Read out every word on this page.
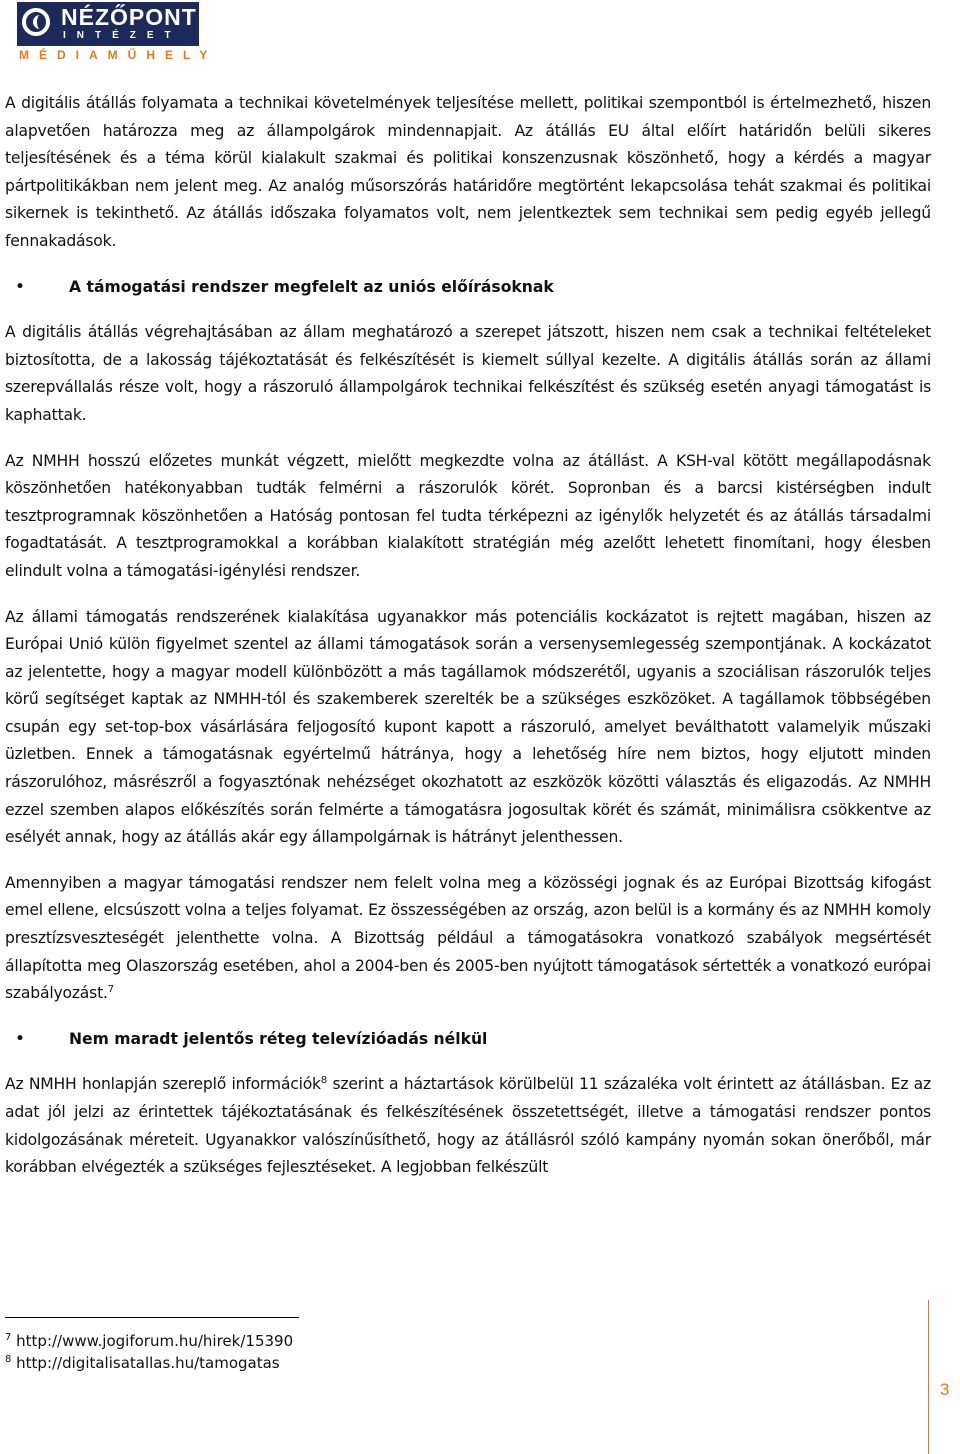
NÉZŐPONT
INTÉZET
MÉDIAMŰHELY

A digitális átállás folyamata a technikai követelmények teljesítése mellett, politikai szempontból is értelmezhető, hiszen alapvetően határozza meg az állampolgárok mindennapjait. Az átállás EU által előírt határidőn belüli sikeres teljesítésének és a téma körül kialakult szakmai és politikai konszenzusnak köszönhető, hogy a kérdés a magyar pártpolitikákban nem jelent meg. Az analóg műsorszórás határidőre megtörtént lekapcsolása tehát szakmai és politikai sikernek is tekinthető. Az átállás időszaka folyamatos volt, nem jelentkeztek sem technikai sem pedig egyéb jellegű fennakadások.

•	A támogatási rendszer megfelelt az uniós előírásoknak

A digitális átállás végrehajtásában az állam meghatározó a szerepet játszott, hiszen nem csak a technikai feltételeket biztosította, de a lakosság tájékoztatását és felkészítését is kiemelt súllyal kezelte. A digitális átállás során az állami szerepvállalás része volt, hogy a rászoruló állampolgárok technikai felkészítést és szükség esetén anyagi támogatást is kaphattak.

Az NMHH hosszú előzetes munkát végzett, mielőtt megkezdte volna az átállást. A KSH-val kötött megállapodásnak köszönhetően hatékonyabban tudták felmérni a rászorulók körét. Sopronban és a barcsi kistérségben indult tesztprogramnak köszönhetően a Hatóság pontosan fel tudta térképezni az igénylők helyzetét és az átállás társadalmi fogadtatását. A tesztprogramokkal a korábban kialakított stratégián még azelőtt lehetett finomítani, hogy élesben elindult volna a támogatási-igénylési rendszer.

Az állami támogatás rendszerének kialakítása ugyanakkor más potenciális kockázatot is rejtett magában, hiszen az Európai Unió külön figyelmet szentel az állami támogatások során a versenysemlegesség szempontjának. A kockázatot az jelentette, hogy a magyar modell különbözött a más tagállamok módszerétől, ugyanis a szociálisan rászorulók teljes körű segítséget kaptak az NMHH-tól és szakemberek szerelték be a szükséges eszközöket. A tagállamok többségében csupán egy set-top-box vásárlására feljogosító kupont kapott a rászoruló, amelyet beválthatott valamelyik műszaki üzletben. Ennek a támogatásnak egyértelmű hátránya, hogy a lehetőség híre nem biztos, hogy eljutott minden rászorulóhoz, másrészről a fogyasztónak nehézséget okozhatott az eszközök közötti választás és eligazodás. Az NMHH ezzel szemben alapos előkészítés során felmérte a támogatásra jogosultak körét és számát, minimálisra csökkentve az esélyét annak, hogy az átállás akár egy állampolgárnak is hátrányt jelenthessen.

Amennyiben a magyar támogatási rendszer nem felelt volna meg a közösségi jognak és az Európai Bizottság kifogást emel ellene, elcsúszott volna a teljes folyamat. Ez összességében az ország, azon belül is a kormány és az NMHH komoly presztízsveszteségét jelenthette volna. A Bizottság például a támogatásokra vonatkozó szabályok megsértését állapította meg Olaszország esetében, ahol a 2004-ben és 2005-ben nyújtott támogatások sértették a vonatkozó európai szabályozást.$^7$

•	Nem maradt jelentős réteg televízióadás nélkül

Az NMHH honlapján szereplő információk$^8$ szerint a háztartások körülbelül 11 százaléka volt érintett az átállásban. Ez az adat jól jelzi az érintettek tájékoztatásának és felkészítésének összetettségét, illetve a támogatási rendszer pontos kidolgozásának méreteit. Ugyanakkor valószínűsíthető, hogy az átállásról szóló kampány nyomán sokan önerőből, már korábban elvégezték a szükséges fejlesztéseket. A legjobban felkészült

$^7$ http://www.jogiforum.hu/hirek/15390
$^8$ http://digitalisatallas.hu/tamogatas
3
